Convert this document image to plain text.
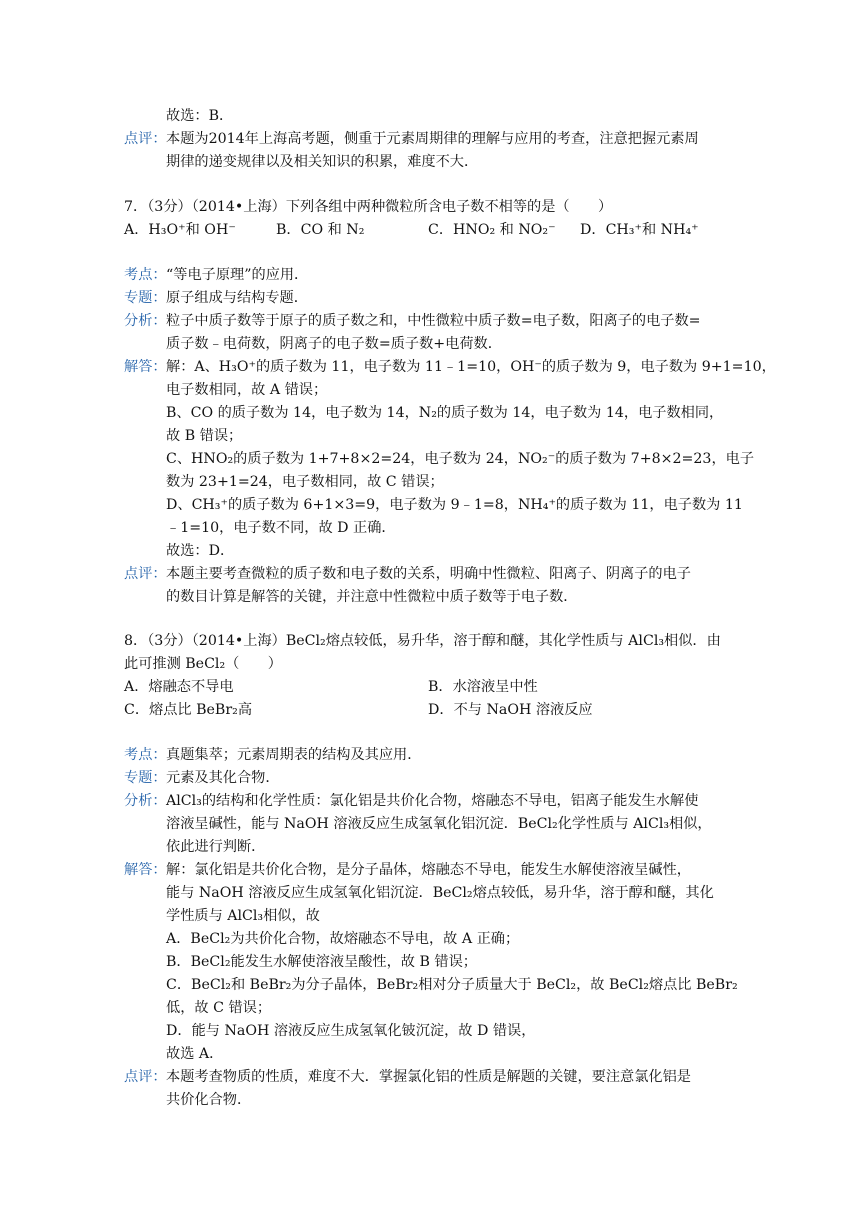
故选：B．
点评： 本题为2014年上海高考题，侧重于元素周期律的理解与应用的考查，注意把握元素周
期律的递变规律以及相关知识的积累，难度不大．
7．（3分）（2014•上海）下列各组中两种微粒所含电子数不相等的是（　　）
A．H₃O⁺和 OH⁻	B．CO 和 N₂	C．HNO₂ 和 NO₂⁻ D．CH₃⁺和 NH₄⁺
考点： “等电子原理”的应用．
专题： 原子组成与结构专题．
分析： 粒子中质子数等于原子的质子数之和，中性微粒中质子数=电子数，阳离子的电子数=
质子数﹣电荷数，阴离子的电子数=质子数+电荷数．
解答： 解：A、H₃O⁺的质子数为 11，电子数为 11﹣1=10，OH⁻的质子数为 9，电子数为 9+1=10，
电子数相同，故 A 错误；
B、CO 的质子数为 14，电子数为 14，N₂的质子数为 14，电子数为 14，电子数相同，
故 B 错误；
C、HNO₂的质子数为 1+7+8×2=24，电子数为 24，NO₂⁻的质子数为 7+8×2=23，电子
数为 23+1=24，电子数相同，故 C 错误；
D、CH₃⁺的质子数为 6+1×3=9，电子数为 9﹣1=8，NH₄⁺的质子数为 11，电子数为 11
﹣1=10，电子数不同，故 D 正确．
故选：D．
点评： 本题主要考查微粒的质子数和电子数的关系，明确中性微粒、阳离子、阴离子的电子
的数目计算是解答的关键，并注意中性微粒中质子数等于电子数．
8．（3分）（2014•上海）BeCl₂熔点较低，易升华，溶于醇和醚，其化学性质与 AlCl₃相似．由
此可推测 BeCl₂（　　）
A．熔融态不导电	B．水溶液呈中性
C．熔点比 BeBr₂高	D．不与 NaOH 溶液反应
考点： 真题集萃；元素周期表的结构及其应用．
专题： 元素及其化合物．
分析： AlCl₃的结构和化学性质：氯化铝是共价化合物，熔融态不导电，铝离子能发生水解使
溶液呈碱性，能与 NaOH 溶液反应生成氢氧化铝沉淀．BeCl₂化学性质与 AlCl₃相似，
依此进行判断．
解答： 解：氯化铝是共价化合物，是分子晶体，熔融态不导电，能发生水解使溶液呈碱性，
能与 NaOH 溶液反应生成氢氧化铝沉淀．BeCl₂熔点较低，易升华，溶于醇和醚，其化
学性质与 AlCl₃相似，故
A．BeCl₂为共价化合物，故熔融态不导电，故 A 正确；
B．BeCl₂能发生水解使溶液呈酸性，故 B 错误；
C．BeCl₂和 BeBr₂为分子晶体，BeBr₂相对分子质量大于 BeCl₂，故 BeCl₂熔点比 BeBr₂
低，故 C 错误；
D．能与 NaOH 溶液反应生成氢氧化铍沉淀，故 D 错误，
故选 A．
点评： 本题考查物质的性质，难度不大．掌握氯化铝的性质是解题的关键，要注意氯化铝是
共价化合物．
